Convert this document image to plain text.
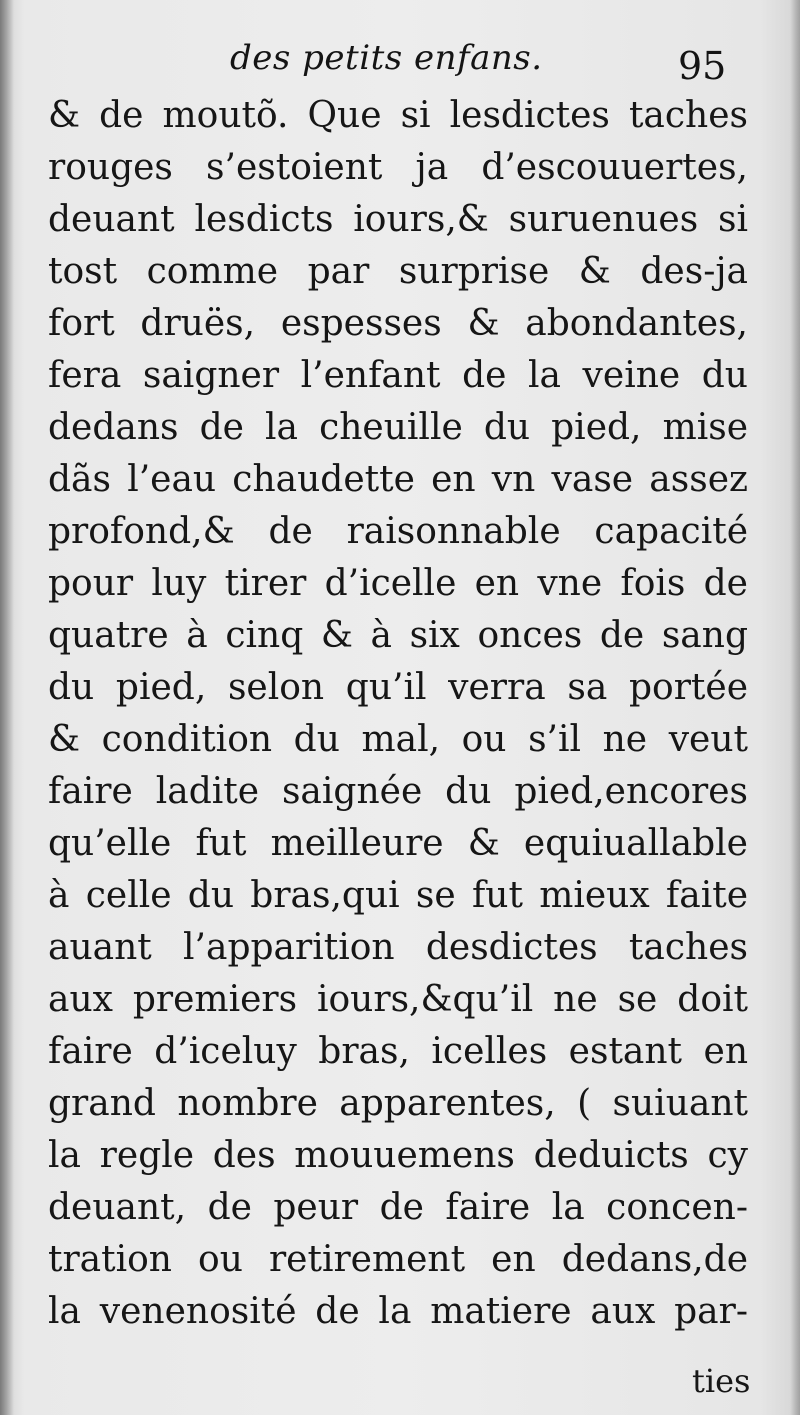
des petits enfans.	95
& de moutõ. Que si lesdictes taches
rouges s’estoient ja d’escouuertes,
deuant lesdicts iours,& suruenues si
tost comme par surprise & des-ja
fort druës, espesses & abondantes,
fera saigner l’enfant de la veine du
dedans de la cheuille du pied, mise
dãs l’eau chaudette en vn vase assez
profond,& de raisonnable capacité
pour luy tirer d’icelle en vne fois de
quatre à cinq & à six onces de sang
du pied, selon qu’il verra sa portée
& condition du mal, ou s’il ne veut
faire ladite saignée du pied,encores
qu’elle fut meilleure & equiuallable
à celle du bras,qui se fut mieux faite
auant l’apparition desdictes taches
aux premiers iours,&qu’il ne se doit
faire d’iceluy bras, icelles estant en
grand nombre apparentes, ( suiuant
la regle des mouuemens deduicts cy
deuant, de peur de faire la concen-
tration ou retirement en dedans,de
la venenosité de la matiere aux par-
ties
